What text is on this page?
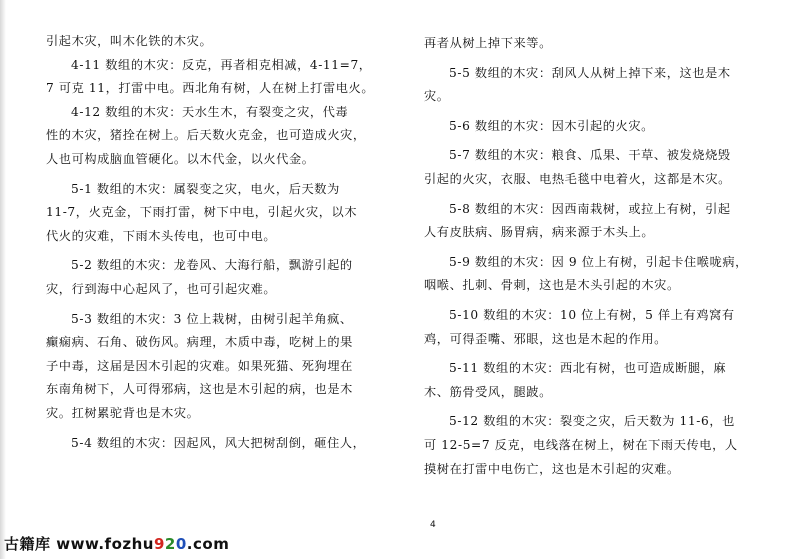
引起木灾，叫木化铁的木灾。
4-11 数组的木灾：反克，再者相克相减，4-11=7，
7 可克 11，打雷中电。西北角有树，人在树上打雷电火。
4-12 数组的木灾：天水生木，有裂变之灾，代毒
性的木灾，猪拴在树上。后天数火克金，也可造成火灾，
人也可构成脑血管硬化。以木代金，以火代金。
5-1 数组的木灾：属裂变之灾，电火，后天数为
11-7，火克金，下雨打雷，树下中电，引起火灾，以木
代火的灾难，下雨木头传电，也可中电。
5-2 数组的木灾：龙卷风、大海行船，飘游引起的
灾，行到海中心起风了，也可引起灾难。
5-3 数组的木灾：3 位上栽树，由树引起羊角疯、
癫痫病、石角、破伤风。病理，木质中毒，吃树上的果
子中毒，这届是因木引起的灾难。如果死猫、死狗埋在
东南角树下，人可得邪病，这也是木引起的病，也是木
灾。扛树累驼背也是木灾。
5-4 数组的木灾：因起风，风大把树刮倒，砸住人，
再者从树上掉下来等。
5-5 数组的木灾：刮风人从树上掉下来，这也是木
灾。
5-6 数组的木灾：因木引起的火灾。
5-7 数组的木灾：粮食、瓜果、干草、被发烧烧毁
引起的火灾，衣服、电热毛毯中电着火，这都是木灾。
5-8 数组的木灾：因西南栽树，或拉上有树，引起
人有皮肤病、肠胃病，病来源于木头上。
5-9 数组的木灾：因 9 位上有树，引起卡住喉咙病，
咽喉、扎刺、骨刺，这也是木头引起的木灾。
5-10 数组的木灾：10 位上有树，5 佯上有鸡窝有
鸡，可得歪嘴、邪眼，这也是木起的作用。
5-11 数组的木灾：西北有树，也可造成断腿，麻
木、筋骨受风，腿跛。
5-12 数组的木灾：裂变之灾，后天数为 11-6，也
可 12-5=7 反克，电线落在树上，树在下雨天传电，人
摸树在打雷中电伤亡，这也是木引起的灾难。
4
古籍库 www.fozhu920.com
